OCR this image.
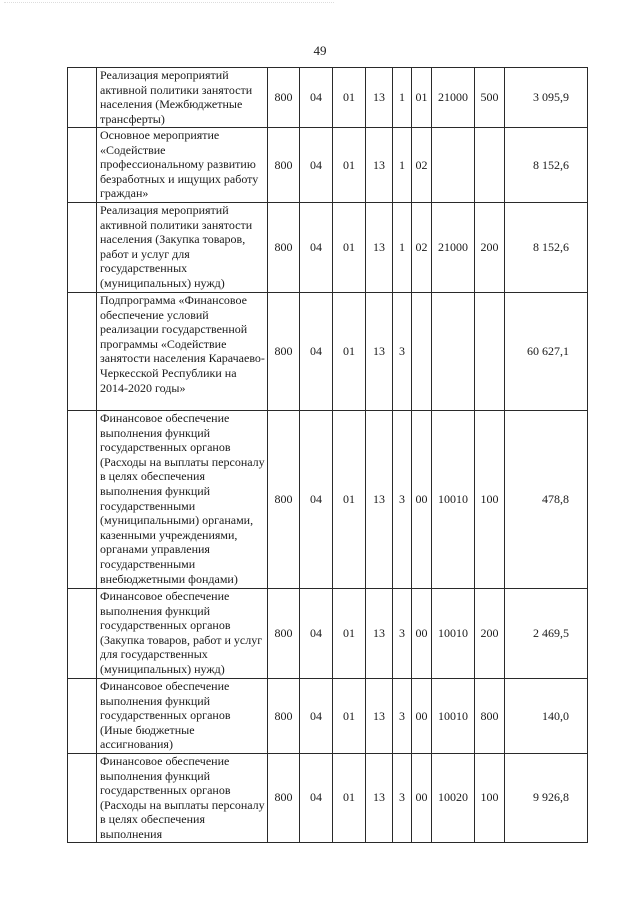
49
	Реализация мероприятий активной политики занятости населения (Межбюджетные трансферты)	800	04	01	13	1	01	21000	500	3 095,9
	Основное мероприятие «Содействие профессиональному развитию безработных и ищущих работу граждан»	800	04	01	13	1	02			8 152,6
	Реализация мероприятий активной политики занятости населения (Закупка товаров, работ и услуг для государственных (муниципальных) нужд)	800	04	01	13	1	02	21000	200	8 152,6
	Подпрограмма «Финансовое обеспечение условий реализации государственной программы «Содействие занятости населения Карачаево-Черкесской Республики на 2014-2020 годы»	800	04	01	13	3				60 627,1
	Финансовое обеспечение выполнения функций государственных органов (Расходы на выплаты персоналу в целях обеспечения выполнения функций государственными (муниципальными) органами, казенными учреждениями, органами управления государственными внебюджетными фондами)	800	04	01	13	3	00	10010	100	478,8
	Финансовое обеспечение выполнения функций государственных органов (Закупка товаров, работ и услуг для государственных (муниципальных) нужд)	800	04	01	13	3	00	10010	200	2 469,5
	Финансовое обеспечение выполнения функций государственных органов (Иные бюджетные ассигнования)	800	04	01	13	3	00	10010	800	140,0
	Финансовое обеспечение выполнения функций государственных органов (Расходы на выплаты персоналу в целях обеспечения выполнения	800	04	01	13	3	00	10020	100	9 926,8
